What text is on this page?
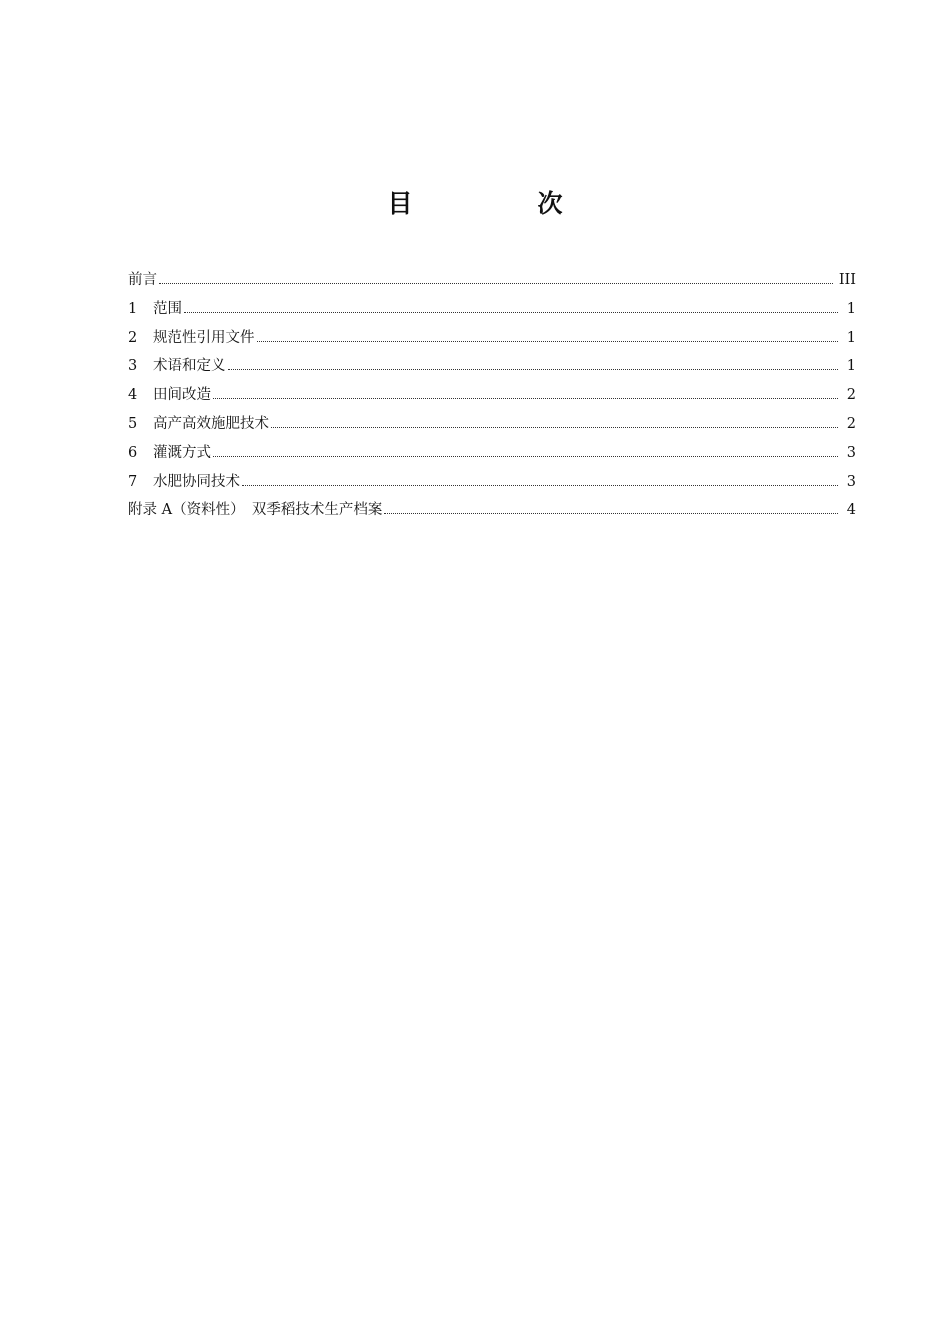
目　次
前言	III
1	范围	1
2	规范性引用文件	1
3	术语和定义	1
4	田间改造	2
5	高产高效施肥技术	2
6	灌溉方式	3
7	水肥协同技术	3
附录 A（资料性）　双季稻技术生产档案	4
